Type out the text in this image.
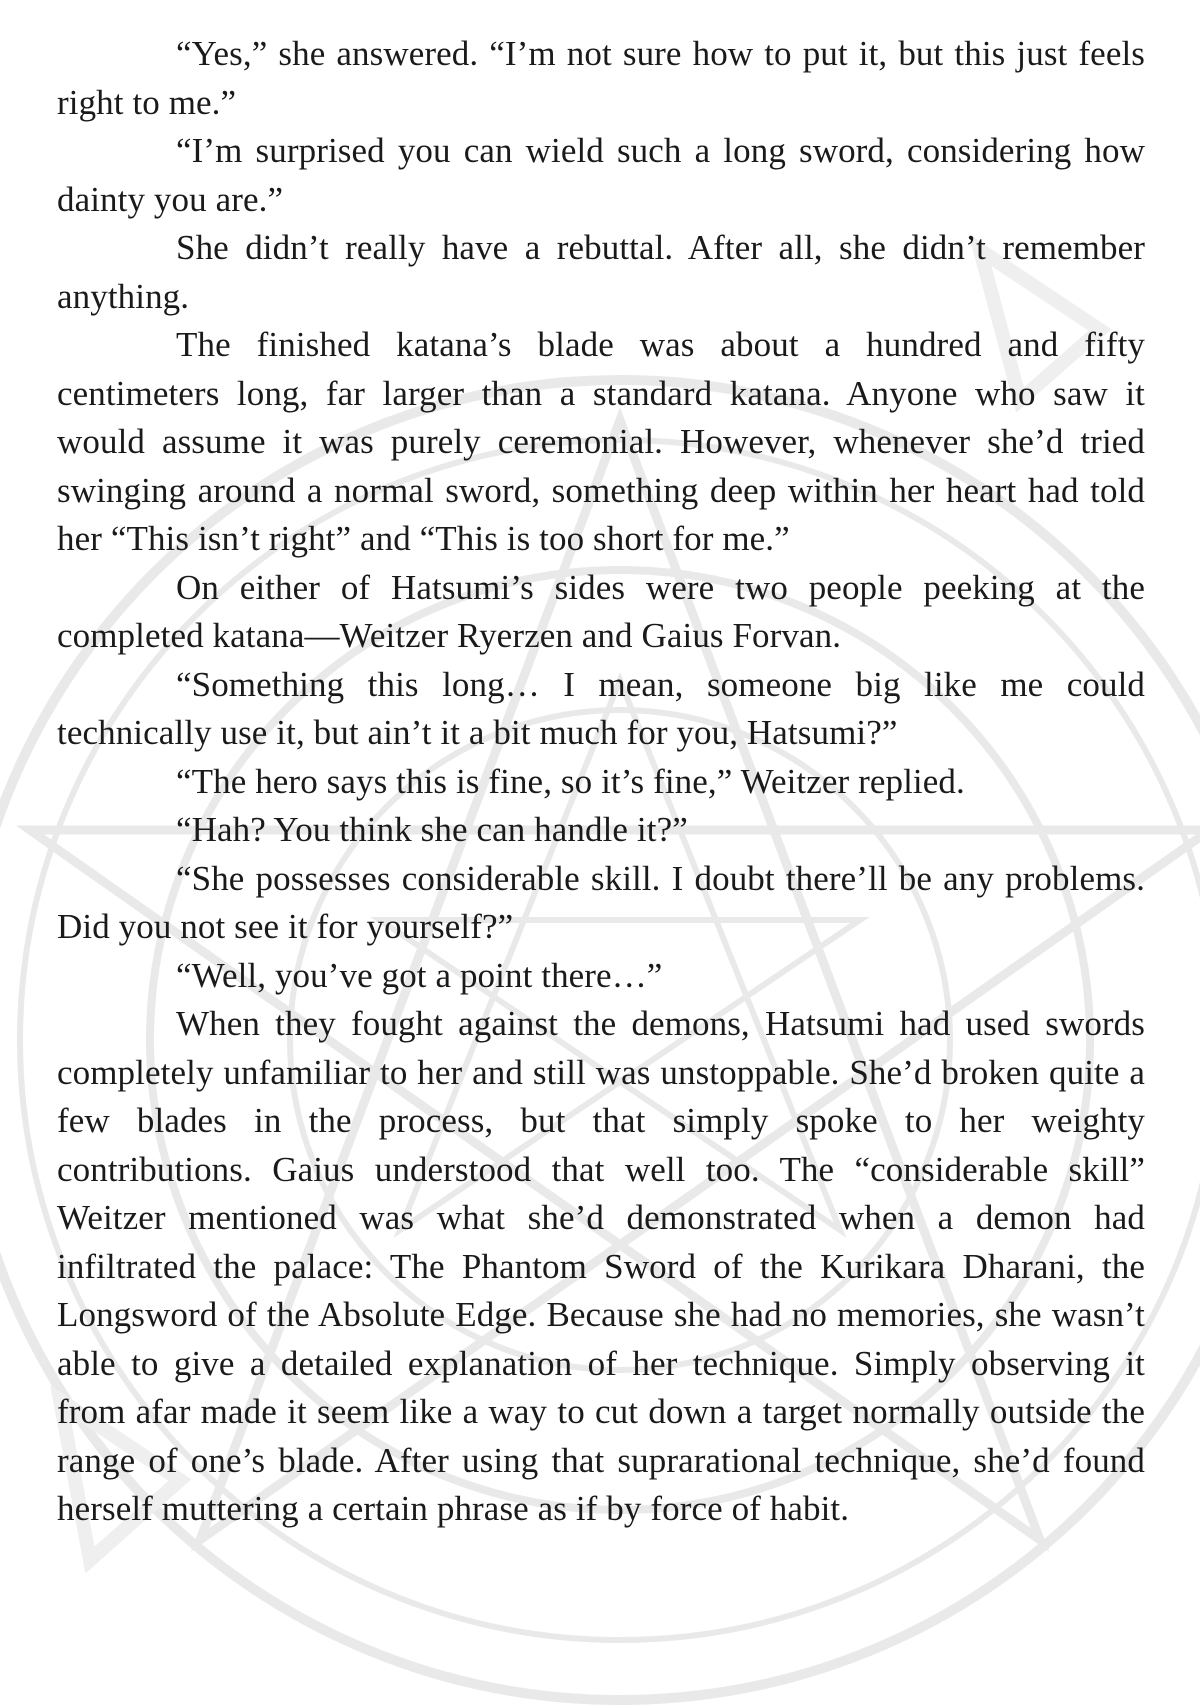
“Yes,” she answered. “I’m not sure how to put it, but this just feels right to me.”

“I’m surprised you can wield such a long sword, considering how dainty you are.”

She didn’t really have a rebuttal. After all, she didn’t remember anything.

The finished katana’s blade was about a hundred and fifty centimeters long, far larger than a standard katana. Anyone who saw it would assume it was purely ceremonial. However, whenever she’d tried swinging around a normal sword, something deep within her heart had told her “This isn’t right” and “This is too short for me.”

On either of Hatsumi’s sides were two people peeking at the completed katana—Weitzer Ryerzen and Gaius Forvan.

“Something this long… I mean, someone big like me could technically use it, but ain’t it a bit much for you, Hatsumi?”

“The hero says this is fine, so it’s fine,” Weitzer replied.

“Hah? You think she can handle it?”

“She possesses considerable skill. I doubt there’ll be any problems. Did you not see it for yourself?”

“Well, you’ve got a point there…”

When they fought against the demons, Hatsumi had used swords completely unfamiliar to her and still was unstoppable. She’d broken quite a few blades in the process, but that simply spoke to her weighty contributions. Gaius understood that well too. The “considerable skill” Weitzer mentioned was what she’d demonstrated when a demon had infiltrated the palace: The Phantom Sword of the Kurikara Dharani, the Longsword of the Absolute Edge. Because she had no memories, she wasn’t able to give a detailed explanation of her technique. Simply observing it from afar made it seem like a way to cut down a target normally outside the range of one’s blade. After using that suprarational technique, she’d found herself muttering a certain phrase as if by force of habit.
